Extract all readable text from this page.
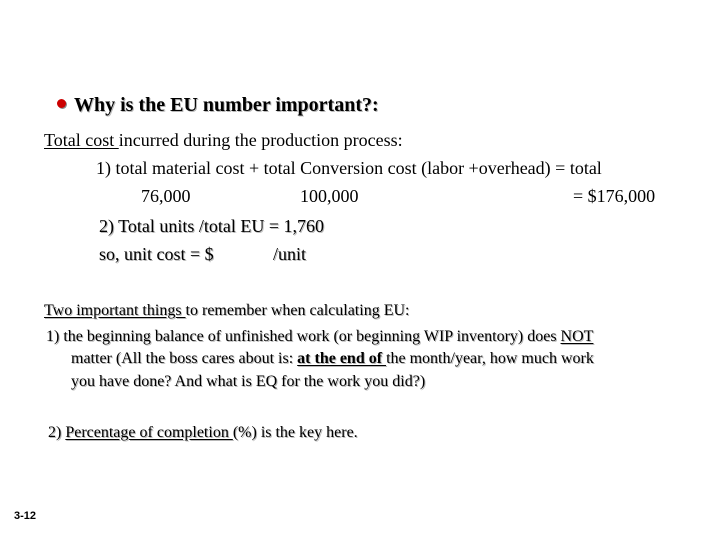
Why is the EU number important?:
Total cost incurred during the production process:
1) total material cost + total Conversion cost (labor +overhead) = total
76,000	100,000	= $176,000
2) Total units /total EU = 1,760
so, unit cost = $	/unit
Two important things to remember when calculating EU:
1) the beginning balance of unfinished work (or beginning WIP inventory) does NOT
matter (All the boss cares about is: at the end of the month/year, how much work
you have done? And what is EQ for the work you did?)
2) Percentage of completion (%) is the key here.
3-12
